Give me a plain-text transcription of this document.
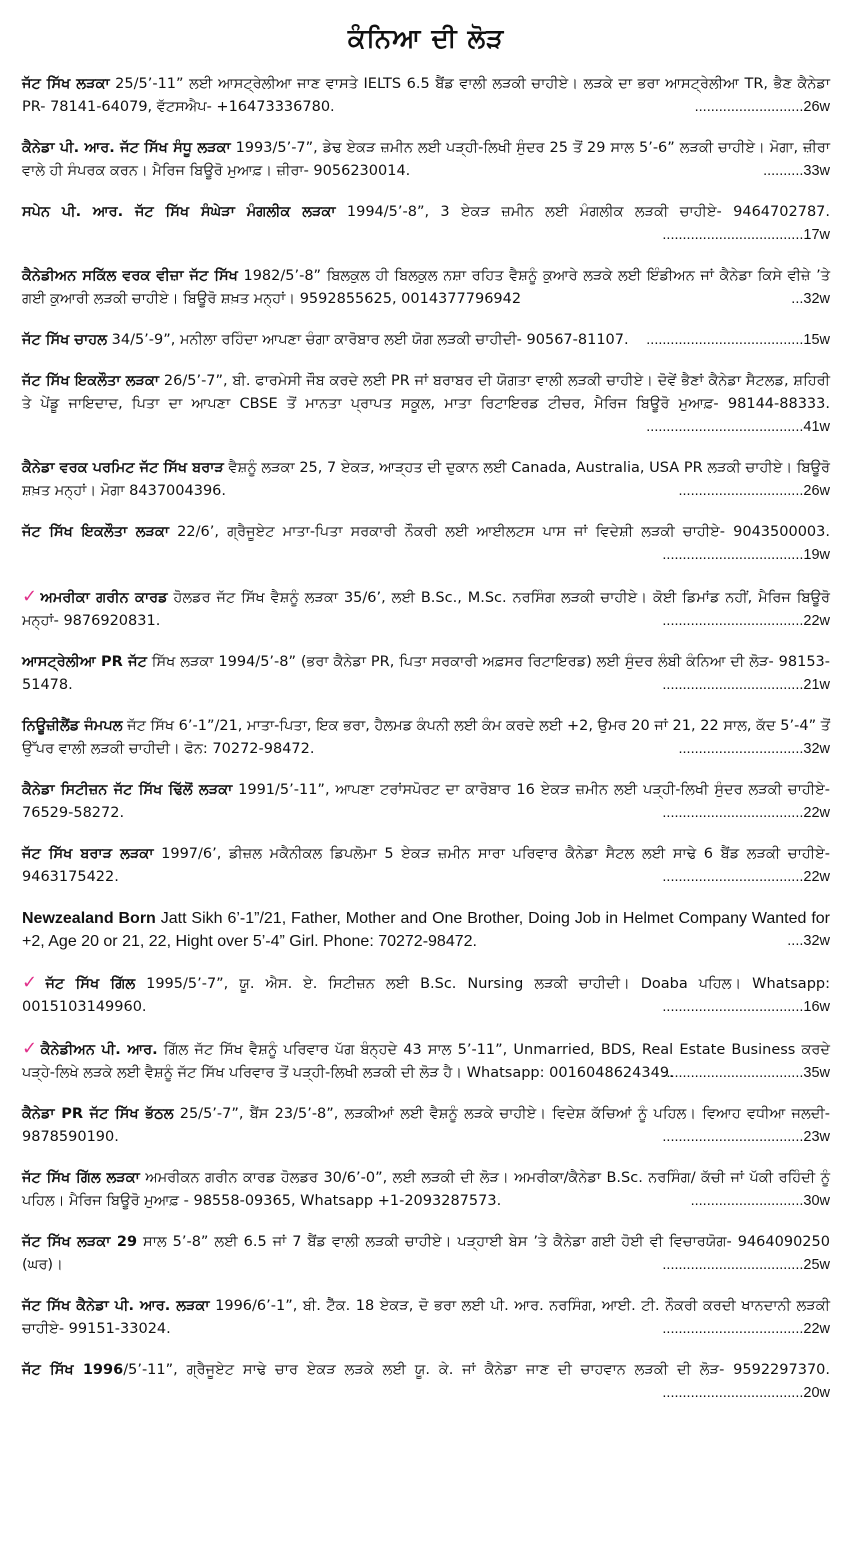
ਕੰਨਿਆ ਦੀ ਲੋੜ

ਜੱਟ ਸਿੱਖ ਲੜਕਾ 25/5’-11” ਲਈ ਆਸਟ੍ਰੇਲੀਆ ਜਾਣ ਵਾਸਤੇ IELTS 6.5 ਬੈਂਡ ਵਾਲੀ ਲੜਕੀ ਚਾਹੀਏ। ਲੜਕੇ ਦਾ ਭਰਾ ਆਸਟ੍ਰੇਲੀਆ TR, ਭੈਣ ਕੈਨੇਡਾ PR- 78141-64079, ਵੱਟਸਐਪ- +16473336780.	...........................26w

ਕੈਨੇਡਾ ਪੀ. ਆਰ. ਜੱਟ ਸਿੱਖ ਸੰਧੂ ਲੜਕਾ 1993/5’-7”, ਡੇਢ ਏਕੜ ਜ਼ਮੀਨ ਲਈ ਪੜ੍ਹੀ-ਲਿਖੀ ਸੁੰਦਰ 25 ਤੋਂ 29 ਸਾਲ 5’-6” ਲੜਕੀ ਚਾਹੀਏ। ਮੋਗਾ, ਜ਼ੀਰਾ ਵਾਲੇ ਹੀ ਸੰਪਰਕ ਕਰਨ। ਮੈਰਿਜ ਬਿਊਰੋ ਮੁਆਫ਼। ਜ਼ੀਰਾ- 9056230014.	..........33w

ਸਪੇਨ ਪੀ. ਆਰ. ਜੱਟ ਸਿੱਖ ਸੰਘੇੜਾ ਮੰਗਲੀਕ ਲੜਕਾ 1994/5’-8”, 3 ਏਕੜ ਜ਼ਮੀਨ ਲਈ ਮੰਗਲੀਕ ਲੜਕੀ ਚਾਹੀਏ- 9464702787.

...................................17w

ਕੈਨੇਡੀਅਨ ਸਕਿੱਲ ਵਰਕ ਵੀਜ਼ਾ ਜੱਟ ਸਿੱਖ 1982/5’-8” ਬਿਲਕੁਲ ਹੀ ਬਿਲਕੁਲ ਨਸ਼ਾ ਰਹਿਤ ਵੈਸ਼ਨੂੰ ਕੁਆਰੇ ਲੜਕੇ ਲਈ ਇੰਡੀਅਨ ਜਾਂ ਕੈਨੇਡਾ ਕਿਸੇ ਵੀਜ਼ੇ ’ਤੇ ਗਈ ਕੁਆਰੀ ਲੜਕੀ ਚਾਹੀਏ। ਬਿਊਰੋ ਸ਼ਖ਼ਤ ਮਨ੍ਹਾਂ। 9592855625, 0014377796942	...32w

ਜੱਟ ਸਿੱਖ ਚਾਹਲ 34/5’-9”, ਮਨੀਲਾ ਰਹਿੰਦਾ ਆਪਣਾ ਚੰਗਾ ਕਾਰੋਬਾਰ ਲਈ ਯੋਗ ਲੜਕੀ ਚਾਹੀਦੀ- 90567-81107.	.......................................15w

ਜੱਟ ਸਿੱਖ ਇਕਲੌਤਾ ਲੜਕਾ 26/5’-7”, ਬੀ. ਫਾਰਮੇਸੀ ਜੌਬ ਕਰਦੇ ਲਈ PR ਜਾਂ ਬਰਾਬਰ ਦੀ ਯੋਗਤਾ ਵਾਲੀ ਲੜਕੀ ਚਾਹੀਏ। ਦੋਵੇਂ ਭੈਣਾਂ ਕੈਨੇਡਾ ਸੈਟਲਡ, ਸ਼ਹਿਰੀ ਤੇ ਪੇਂਡੂ ਜਾਇਦਾਦ, ਪਿਤਾ ਦਾ ਆਪਣਾ CBSE ਤੋਂ ਮਾਨਤਾ ਪ੍ਰਾਪਤ ਸਕੂਲ, ਮਾਤਾ ਰਿਟਾਇਰਡ ਟੀਚਰ, ਮੈਰਿਜ ਬਿਊਰੋ ਮੁਆਫ਼- 98144-88333.

.......................................41w

ਕੈਨੇਡਾ ਵਰਕ ਪਰਮਿਟ ਜੱਟ ਸਿੱਖ ਬਰਾੜ ਵੈਸ਼ਨੂੰ ਲੜਕਾ 25, 7 ਏਕੜ, ਆੜ੍ਹਤ ਦੀ ਦੁਕਾਨ ਲਈ Canada, Australia, USA PR ਲੜਕੀ ਚਾਹੀਏ। ਬਿਊਰੋ ਸ਼ਖ਼ਤ ਮਨ੍ਹਾਂ। ਮੋਗਾ 8437004396.	...............................26w

ਜੱਟ ਸਿੱਖ ਇਕਲੌਤਾ ਲੜਕਾ 22/6’, ਗ੍ਰੈਜੂਏਟ ਮਾਤਾ-ਪਿਤਾ ਸਰਕਾਰੀ ਨੌਕਰੀ ਲਈ ਆਈਲਟਸ ਪਾਸ ਜਾਂ ਵਿਦੇਸ਼ੀ ਲੜਕੀ ਚਾਹੀਏ- 9043500003.

...................................19w

✓ ਅਮਰੀਕਾ ਗਰੀਨ ਕਾਰਡ ਹੋਲਡਰ ਜੱਟ ਸਿੱਖ ਵੈਸ਼ਨੂੰ ਲੜਕਾ 35/6’, ਲਈ B.Sc., M.Sc. ਨਰਸਿੰਗ ਲੜਕੀ ਚਾਹੀਏ। ਕੋਈ ਡਿਮਾਂਡ ਨਹੀਂ, ਮੈਰਿਜ ਬਿਊਰੋ ਮਨ੍ਹਾਂ- 9876920831.	...................................22w

ਆਸਟ੍ਰੇਲੀਆ PR ਜੱਟ ਸਿੱਖ ਲੜਕਾ 1994/5’-8” (ਭਰਾ ਕੈਨੇਡਾ PR, ਪਿਤਾ ਸਰਕਾਰੀ ਅਫ਼ਸਰ ਰਿਟਾਇਰਡ) ਲਈ ਸੁੰਦਰ ਲੰਬੀ ਕੰਨਿਆ ਦੀ ਲੋੜ- 98153-51478.	...................................21w

ਨਿਊਜ਼ੀਲੈਂਡ ਜੰਮਪਲ ਜੱਟ ਸਿੱਖ 6’-1”/21, ਮਾਤਾ-ਪਿਤਾ, ਇਕ ਭਰਾ, ਹੈਲਮਡ ਕੰਪਨੀ ਲਈ ਕੰਮ ਕਰਦੇ ਲਈ +2, ਉਮਰ 20 ਜਾਂ 21, 22 ਸਾਲ, ਕੱਦ 5’-4” ਤੋਂ ਉੱਪਰ ਵਾਲੀ ਲੜਕੀ ਚਾਹੀਦੀ। ਫੋਨ: 70272-98472.	...............................32w

ਕੈਨੇਡਾ ਸਿਟੀਜ਼ਨ ਜੱਟ ਸਿੱਖ ਢਿੱਲੋਂ ਲੜਕਾ 1991/5’-11”, ਆਪਣਾ ਟਰਾਂਸਪੋਰਟ ਦਾ ਕਾਰੋਬਾਰ 16 ਏਕੜ ਜ਼ਮੀਨ ਲਈ ਪੜ੍ਹੀ-ਲਿਖੀ ਸੁੰਦਰ ਲੜਕੀ ਚਾਹੀਏ- 76529-58272.	...................................22w

ਜੱਟ ਸਿੱਖ ਬਰਾੜ ਲੜਕਾ 1997/6’, ਡੀਜ਼ਲ ਮਕੈਨੀਕਲ ਡਿਪਲੋਮਾ 5 ਏਕੜ ਜ਼ਮੀਨ ਸਾਰਾ ਪਰਿਵਾਰ ਕੈਨੇਡਾ ਸੈਟਲ ਲਈ ਸਾਢੇ 6 ਬੈਂਡ ਲੜਕੀ ਚਾਹੀਏ- 9463175422.	...................................22w

Newzealand Born Jatt Sikh 6’-1”/21, Father, Mother and One Brother, Doing Job in Helmet Company Wanted for +2, Age 20 or 21, 22, Hight over 5’-4” Girl. Phone: 70272-98472.	....32w

✓ ਜੱਟ ਸਿੱਖ ਗਿੱਲ 1995/5’-7”, ਯੂ. ਐਸ. ਏ. ਸਿਟੀਜ਼ਨ ਲਈ B.Sc. Nursing ਲੜਕੀ ਚਾਹੀਦੀ। Doaba ਪਹਿਲ। Whatsapp: 0015103149960.	...................................16w

✓ ਕੈਨੇਡੀਅਨ ਪੀ. ਆਰ. ਗਿੱਲ ਜੱਟ ਸਿੱਖ ਵੈਸ਼ਨੂੰ ਪਰਿਵਾਰ ਪੱਗ ਬੰਨ੍ਹਦੇ 43 ਸਾਲ 5’-11”, Unmarried, BDS, Real Estate Business ਕਰਦੇ ਪੜ੍ਹੇ-ਲਿਖੇ ਲੜਕੇ ਲਈ ਵੈਸ਼ਨੂੰ ਜੱਟ ਸਿੱਖ ਪਰਿਵਾਰ ਤੋਂ ਪੜ੍ਹੀ-ਲਿਖੀ ਲੜਕੀ ਦੀ ਲੋੜ ਹੈ। Whatsapp: 0016048624349.

...................................35w

ਕੈਨੇਡਾ PR ਜੱਟ ਸਿੱਖ ਭੱਠਲ 25/5’-7”, ਬੈਂਸ 23/5’-8”, ਲੜਕੀਆਂ ਲਈ ਵੈਸ਼ਨੂੰ ਲੜਕੇ ਚਾਹੀਏ। ਵਿਦੇਸ਼ ਕੱਚਿਆਂ ਨੂੰ ਪਹਿਲ। ਵਿਆਹ ਵਧੀਆ ਜਲਦੀ- 9878590190.	...................................23w

ਜੱਟ ਸਿੱਖ ਗਿੱਲ ਲੜਕਾ ਅਮਰੀਕਨ ਗਰੀਨ ਕਾਰਡ ਹੋਲਡਰ 30/6’-0”, ਲਈ ਲੜਕੀ ਦੀ ਲੋੜ। ਅਮਰੀਕਾ/ਕੈਨੇਡਾ B.Sc. ਨਰਸਿੰਗ/ ਕੱਚੀ ਜਾਂ ਪੱਕੀ ਰਹਿੰਦੀ ਨੂੰ ਪਹਿਲ। ਮੈਰਿਜ ਬਿਊਰੋ ਮੁਆਫ਼ - 98558-09365, Whatsapp +1-2093287573.	............................30w

ਜੱਟ ਸਿੱਖ ਲੜਕਾ 29 ਸਾਲ 5’-8” ਲਈ 6.5 ਜਾਂ 7 ਬੈਂਡ ਵਾਲੀ ਲੜਕੀ ਚਾਹੀਏ। ਪੜ੍ਹਾਈ ਬੇਸ ’ਤੇ ਕੈਨੇਡਾ ਗਈ ਹੋਈ ਵੀ ਵਿਚਾਰਯੋਗ- 9464090250 (ਘਰ)।	...................................25w

ਜੱਟ ਸਿੱਖ ਕੈਨੇਡਾ ਪੀ. ਆਰ. ਲੜਕਾ 1996/6’-1”, ਬੀ. ਟੈੱਕ. 18 ਏਕੜ, ਦੋ ਭਰਾ ਲਈ ਪੀ. ਆਰ. ਨਰਸਿੰਗ, ਆਈ. ਟੀ. ਨੌਕਰੀ ਕਰਦੀ ਖਾਨਦਾਨੀ ਲੜਕੀ ਚਾਹੀਏ- 99151-33024.	...................................22w

ਜੱਟ ਸਿੱਖ 1996/5’-11”, ਗ੍ਰੈਜੂਏਟ ਸਾਢੇ ਚਾਰ ਏਕੜ ਲੜਕੇ ਲਈ ਯੂ. ਕੇ. ਜਾਂ ਕੈਨੇਡਾ ਜਾਣ ਦੀ ਚਾਹਵਾਨ ਲੜਕੀ ਦੀ ਲੋੜ- 9592297370.

...................................20w
